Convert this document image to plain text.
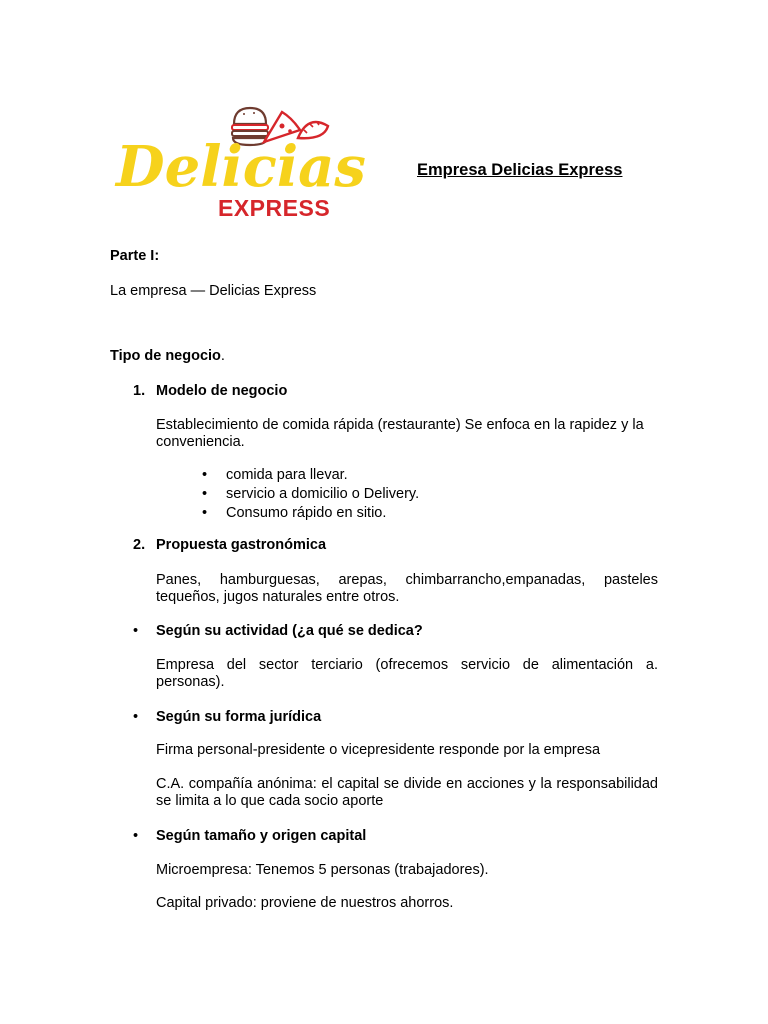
Delicias
EXPRESS
Empresa Delicias Express
Parte I:
La empresa — Delicias Express
Tipo de negocio.
1. Modelo de negocio
Establecimiento de comida rápida (restaurante) Se enfoca en la rapidez y la conveniencia.
• comida para llevar.
• servicio a domicilio o Delivery.
• Consumo rápido en sitio.
2. Propuesta gastronómica
Panes, hamburguesas, arepas, chimbarrancho,empanadas, pasteles tequeños, jugos naturales entre otros.
• Según su actividad (¿a qué se dedica?
Empresa del sector terciario (ofrecemos servicio de alimentación a. personas).
• Según su forma jurídica
Firma personal-presidente o vicepresidente responde por la empresa
C.A. compañía anónima: el capital se divide en acciones y la responsabilidad se limita a lo que cada socio aporte
• Según tamaño y origen capital
Microempresa: Tenemos 5 personas (trabajadores).
Capital privado: proviene de nuestros ahorros.
